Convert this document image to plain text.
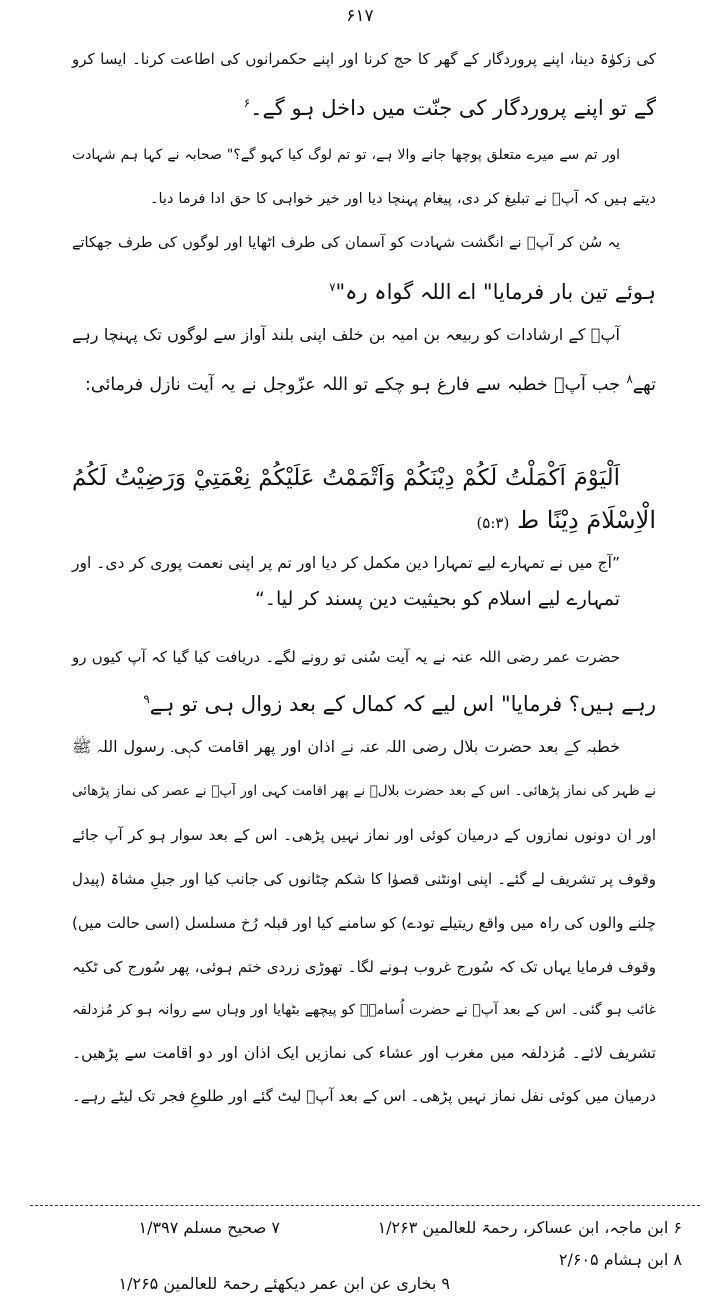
۶۱۷
کی زکوٰۃ دینا، اپنے پروردگار کے گھر کا حج کرنا اور اپنے حکمرانوں کی اطاعت کرنا۔ ایسا کرو
گے تو اپنے پروردگار کی جنّت میں داخل ہو گے۔$^۶$
اور تم سے میرے متعلق پوچھا جانے والا ہے، تو تم لوگ کیا کہو گے؟" صحابہ نے کہا ہم شہادت
دیتے ہیں کہ آپؐ نے تبلیغ کر دی، پیغام پہنچا دیا اور خیر خواہی کا حق ادا فرما دیا۔
یہ سُن کر آپؐ نے انگشت شہادت کو آسمان کی طرف اٹھایا اور لوگوں کی طرف جھکاتے
ہوئے تین بار فرمایا" اے اللہ گواہ رہ"$^۷$
آپؐ کے ارشادات کو ربیعہ بن امیہ بن خلف اپنی بلند آواز سے لوگوں تک پہنچا رہے
تھے$^۸$ جب آپؐ خطبہ سے فارغ ہو چکے تو اللہ عزّوجل نے یہ آیت نازل فرمائی:
اَلْيَوْمَ اَكْمَلْتُ لَكُمْ دِيْنَكُمْ وَاَتْمَمْتُ عَلَيْكُمْ نِعْمَتِيْ وَرَضِيْتُ لَكُمُ
الْاِسْلَامَ دِيْنًا ط (۵:۳)
”آج میں نے تمہارے لیے تمہارا دین مکمل کر دیا اور تم پر اپنی نعمت پوری کر دی۔ اور
تمہارے لیے اسلام کو بحیثیت دین پسند کر لیا۔“
حضرت عمر رضی اللہ عنہ نے یہ آیت سُنی تو رونے لگے۔ دریافت کیا گیا کہ آپ کیوں رو
رہے ہیں؟ فرمایا" اس لیے کہ کمال کے بعد زوال ہی تو ہے$^۹$
خطبہ کے بعد حضرت بلال رضی اللہ عنہ نے اذان اور پھر اقامت کہی۔ رسول اللہ ﷺ
نے ظہر کی نماز پڑھائی۔ اس کے بعد حضرت بلالؓ نے پھر اقامت کہی اور آپؐ نے عصر کی نماز پڑھائی
اور ان دونوں نمازوں کے درمیان کوئی اور نماز نہیں پڑھی۔ اس کے بعد سوار ہو کر آپ جائے
وقوف پر تشریف لے گئے۔ اپنی اونٹنی قصوٰا کا شکم چٹانوں کی جانب کیا اور جبلِ مشاۃ (پیدل
چلنے والوں کی راہ میں واقع ریتیلے تودے) کو سامنے کیا اور قبلہ رُخ مسلسل (اسی حالت میں)
وقوف فرمایا یہاں تک کہ سُورج غروب ہونے لگا۔ تھوڑی زردی ختم ہوئی، پھر سُورج کی ٹکیہ
غائب ہو گئی۔ اس کے بعد آپؐ نے حضرت اُسامہؓ کو پیچھے بٹھایا اور وہاں سے روانہ ہو کر مُزدلفہ
تشریف لائے۔ مُزدلفہ میں مغرب اور عشاء کی نمازیں ایک اذان اور دو اقامت سے پڑھیں۔
درمیان میں کوئی نفل نماز نہیں پڑھی۔ اس کے بعد آپؐ لیٹ گئے اور طلوعِ فجر تک لیٹے رہے۔
۶ ابن ماجہ، ابن عساکر، رحمۃ للعالمین ۱/۲۶۳
۷ صحیح مسلم ۱/۳۹۷
۸ ابن ہشام ۲/۶۰۵
۹ بخاری عن ابن عمر دیکھئے رحمۃ للعالمین ۱/۲۶۵
